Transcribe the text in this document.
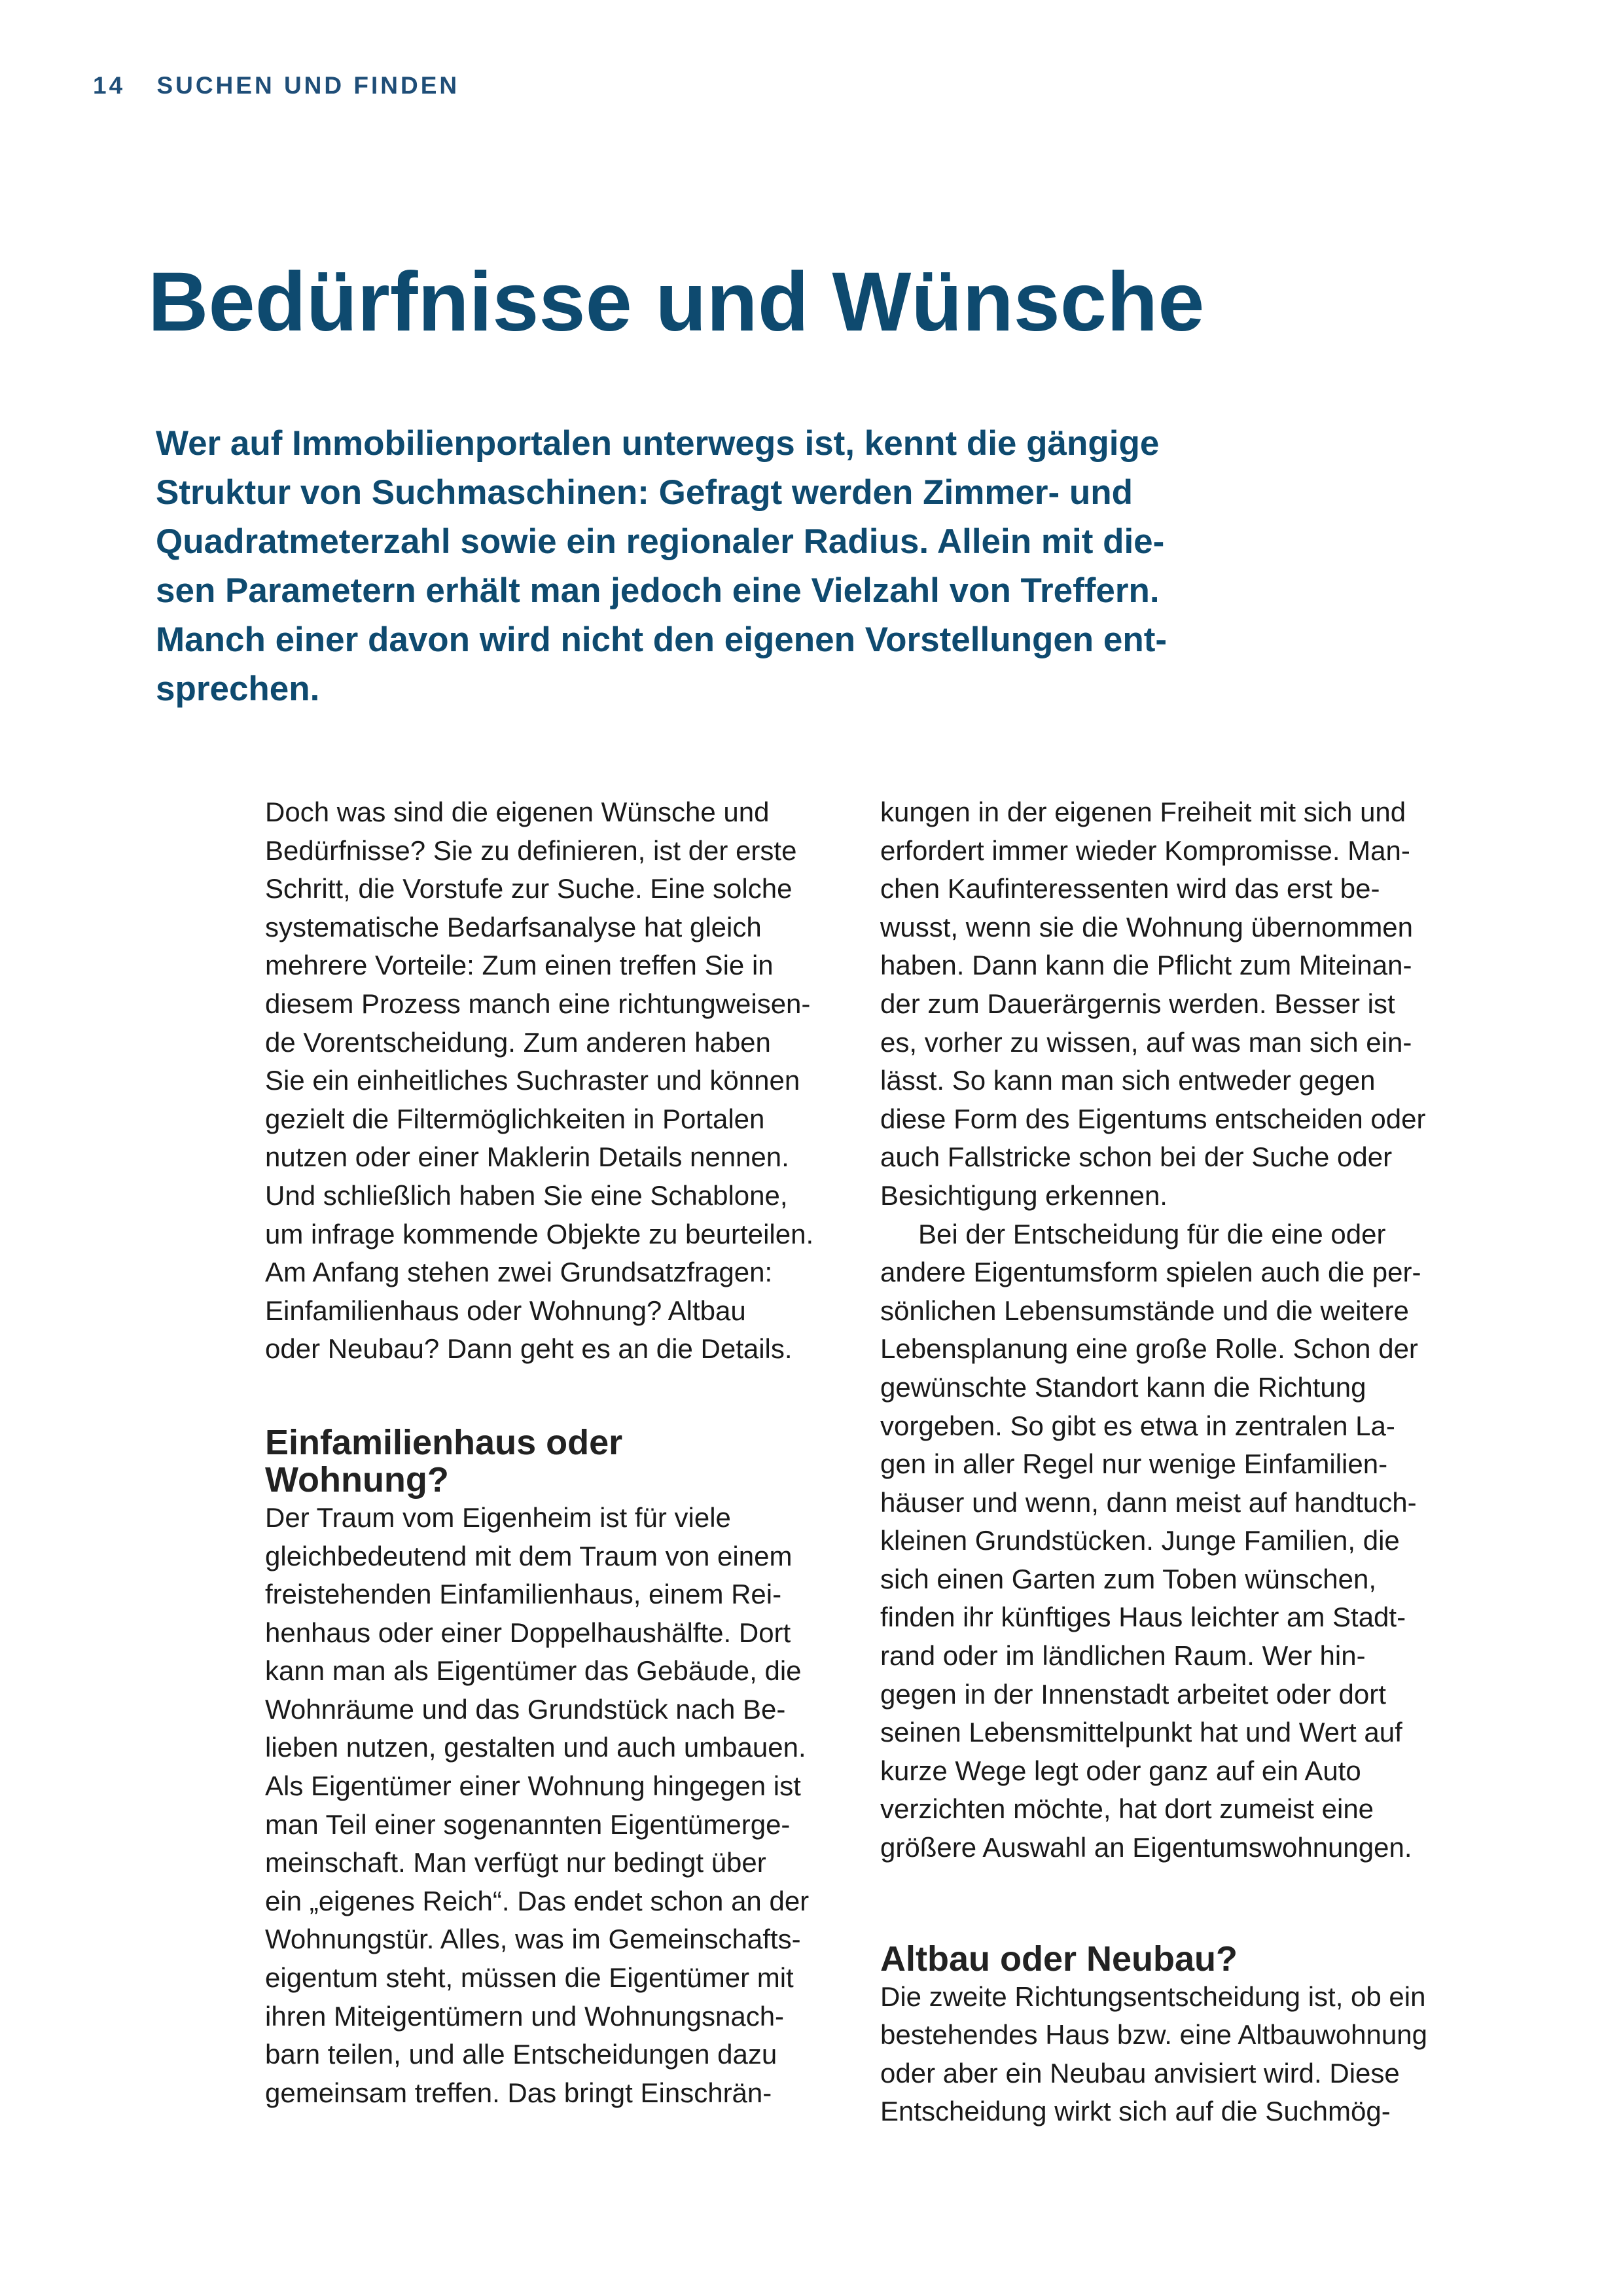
14 SUCHEN UND FINDEN
Bedürfnisse und Wünsche
Wer auf Immobilienportalen unterwegs ist, kennt die gängige
Struktur von Suchmaschinen: Gefragt werden Zimmer- und
Quadratmeterzahl sowie ein regionaler Radius. Allein mit die-
sen Parametern erhält man jedoch eine Vielzahl von Treffern.
Manch einer davon wird nicht den eigenen Vorstellungen ent-
sprechen.
Doch was sind die eigenen Wünsche und
Bedürfnisse? Sie zu definieren, ist der erste
Schritt, die Vorstufe zur Suche. Eine solche
systematische Bedarfsanalyse hat gleich
mehrere Vorteile: Zum einen treffen Sie in
diesem Prozess manch eine richtungweisen-
de Vorentscheidung. Zum anderen haben
Sie ein einheitliches Suchraster und können
gezielt die Filtermöglichkeiten in Portalen
nutzen oder einer Maklerin Details nennen.
Und schließlich haben Sie eine Schablone,
um infrage kommende Objekte zu beurteilen.
Am Anfang stehen zwei Grundsatzfragen:
Einfamilienhaus oder Wohnung? Altbau
oder Neubau? Dann geht es an die Details.
Einfamilienhaus oder
Wohnung?
Der Traum vom Eigenheim ist für viele
gleichbedeutend mit dem Traum von einem
freistehenden Einfamilienhaus, einem Rei-
henhaus oder einer Doppelhaushälfte. Dort
kann man als Eigentümer das Gebäude, die
Wohnräume und das Grundstück nach Be-
lieben nutzen, gestalten und auch umbauen.
Als Eigentümer einer Wohnung hingegen ist
man Teil einer sogenannten Eigentümerge-
meinschaft. Man verfügt nur bedingt über
ein „eigenes Reich“. Das endet schon an der
Wohnungstür. Alles, was im Gemeinschafts-
eigentum steht, müssen die Eigentümer mit
ihren Miteigentümern und Wohnungsnach-
barn teilen, und alle Entscheidungen dazu
gemeinsam treffen. Das bringt Einschrän-
kungen in der eigenen Freiheit mit sich und
erfordert immer wieder Kompromisse. Man-
chen Kaufinteressenten wird das erst be-
wusst, wenn sie die Wohnung übernommen
haben. Dann kann die Pflicht zum Miteinan-
der zum Dauerärgernis werden. Besser ist
es, vorher zu wissen, auf was man sich ein-
lässt. So kann man sich entweder gegen
diese Form des Eigentums entscheiden oder
auch Fallstricke schon bei der Suche oder
Besichtigung erkennen.
Bei der Entscheidung für die eine oder
andere Eigentumsform spielen auch die per-
sönlichen Lebensumstände und die weitere
Lebensplanung eine große Rolle. Schon der
gewünschte Standort kann die Richtung
vorgeben. So gibt es etwa in zentralen La-
gen in aller Regel nur wenige Einfamilien-
häuser und wenn, dann meist auf handtuch-
kleinen Grundstücken. Junge Familien, die
sich einen Garten zum Toben wünschen,
finden ihr künftiges Haus leichter am Stadt-
rand oder im ländlichen Raum. Wer hin-
gegen in der Innenstadt arbeitet oder dort
seinen Lebensmittelpunkt hat und Wert auf
kurze Wege legt oder ganz auf ein Auto
verzichten möchte, hat dort zumeist eine
größere Auswahl an Eigentumswohnungen.
Altbau oder Neubau?
Die zweite Richtungsentscheidung ist, ob ein
bestehendes Haus bzw. eine Altbauwohnung
oder aber ein Neubau anvisiert wird. Diese
Entscheidung wirkt sich auf die Suchmög-
